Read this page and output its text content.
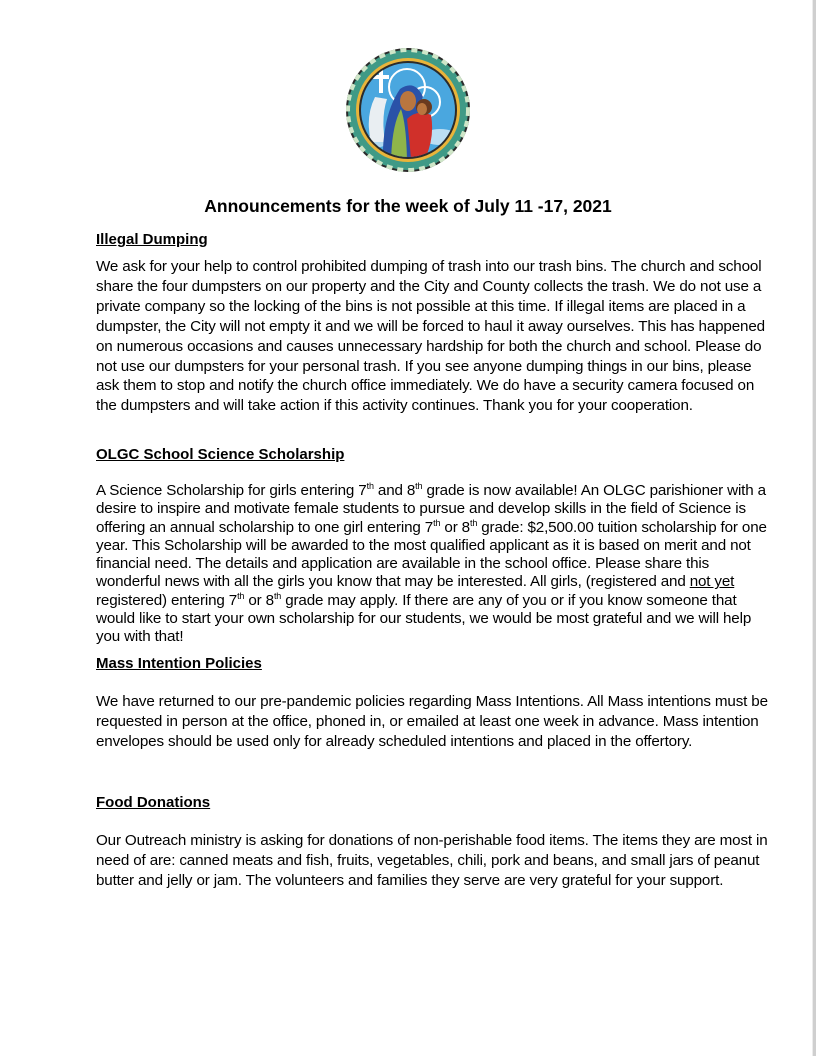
Announcements for the week of July 11 -17, 2021

Illegal Dumping

We ask for your help to control prohibited dumping of trash into our trash bins. The church and school share the four dumpsters on our property and the City and County collects the trash. We do not use a private company so the locking of the bins is not possible at this time. If illegal items are placed in a dumpster, the City will not empty it and we will be forced to haul it away ourselves. This has happened on numerous occasions and causes unnecessary hardship for both the church and school. Please do not use our dumpsters for your personal trash. If you see anyone dumping things in our bins, please ask them to stop and notify the church office immediately. We do have a security camera focused on the dumpsters and will take action if this activity continues. Thank you for your cooperation.

OLGC School Science Scholarship

A Science Scholarship for girls entering 7th and 8th grade is now available! An OLGC parishioner with a desire to inspire and motivate female students to pursue and develop skills in the field of Science is offering an annual scholarship to one girl entering 7th or 8th grade: $2,500.00 tuition scholarship for one year. This Scholarship will be awarded to the most qualified applicant as it is based on merit and not financial need. The details and application are available in the school office. Please share this wonderful news with all the girls you know that may be interested. All girls, (registered and not yet registered) entering 7th or 8th grade may apply. If there are any of you or if you know someone that would like to start your own scholarship for our students, we would be most grateful and we will help you with that!

Mass Intention Policies

We have returned to our pre-pandemic policies regarding Mass Intentions. All Mass intentions must be requested in person at the office, phoned in, or emailed at least one week in advance. Mass intention envelopes should be used only for already scheduled intentions and placed in the offertory.

Food Donations

Our Outreach ministry is asking for donations of non-perishable food items. The items they are most in need of are: canned meats and fish, fruits, vegetables, chili, pork and beans, and small jars of peanut butter and jelly or jam. The volunteers and families they serve are very grateful for your support.
